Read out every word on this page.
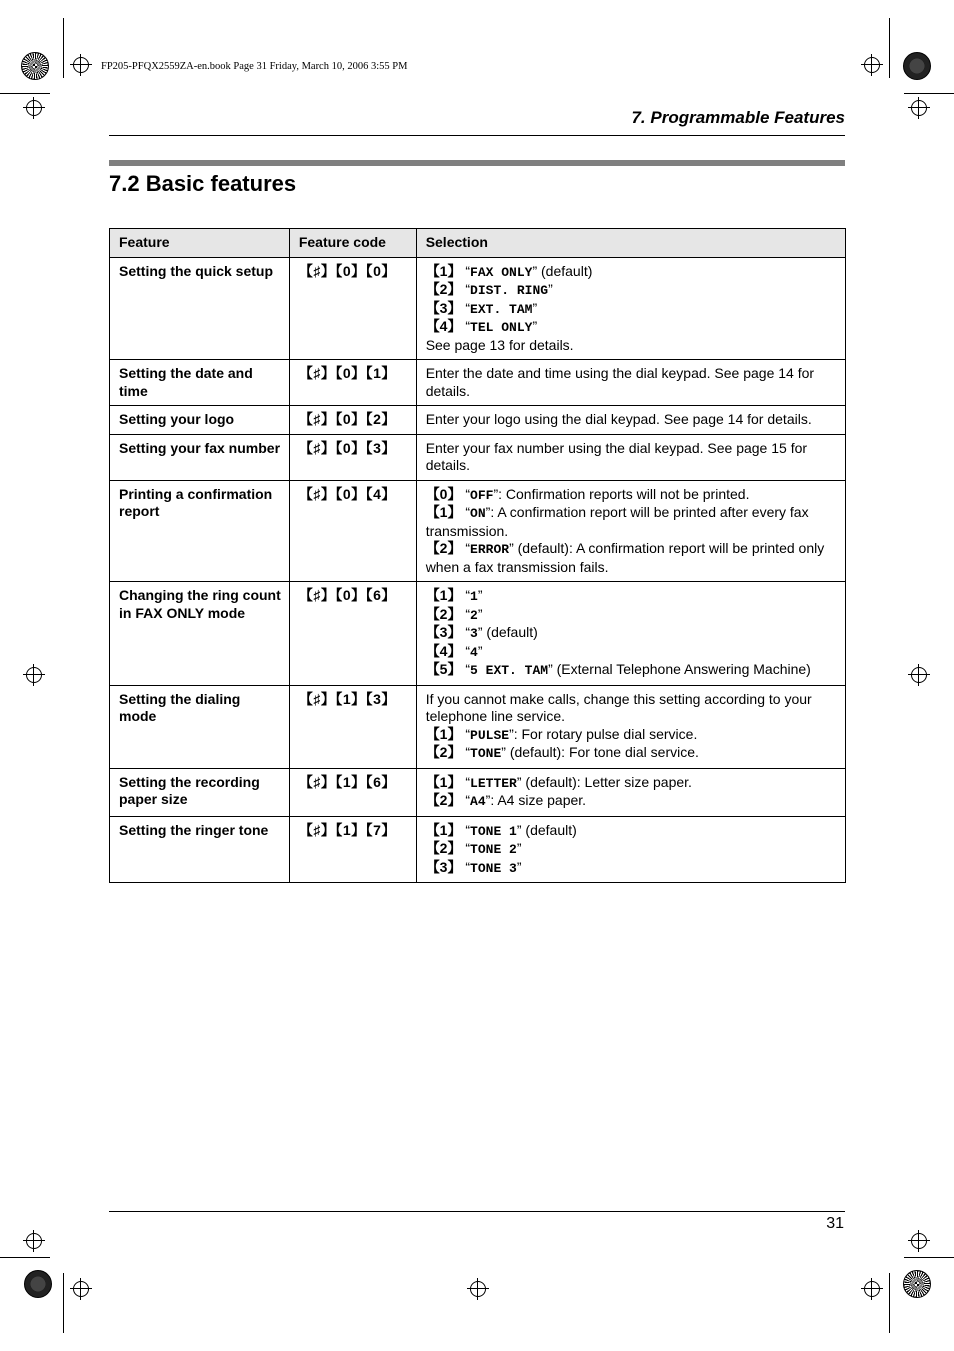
FP205-PFQX2559ZA-en.book Page 31 Friday, March 10, 2006 3:55 PM
7. Programmable Features
7.2 Basic features
Feature	Feature code	Selection
Setting the quick setup	【♯】【0】【0】	【1】 “FAX ONLY” (default)
【2】 “DIST. RING”
【3】 “EXT. TAM”
【4】 “TEL ONLY”
See page 13 for details.

Setting the date and time	【♯】【0】【1】	Enter the date and time using the dial keypad. See page 14 for details.

Setting your logo	【♯】【0】【2】	Enter your logo using the dial keypad. See page 14 for details.

Setting your fax number	【♯】【0】【3】	Enter your fax number using the dial keypad. See page 15 for details.

Printing a confirmation report	【♯】【0】【4】	【0】 “OFF”: Confirmation reports will not be printed.
【1】 “ON”: A confirmation report will be printed after every fax transmission.
【2】 “ERROR” (default): A confirmation report will be printed only when a fax transmission fails.

Changing the ring count in FAX ONLY mode	【♯】【0】【6】	【1】 “1”
【2】 “2”
【3】 “3” (default)
【4】 “4”
【5】 “5 EXT. TAM” (External Telephone Answering Machine)

Setting the dialing mode	【♯】【1】【3】	If you cannot make calls, change this setting according to your telephone line service.
【1】 “PULSE”: For rotary pulse dial service.
【2】 “TONE” (default): For tone dial service.

Setting the recording paper size	【♯】【1】【6】	【1】 “LETTER” (default): Letter size paper.
【2】 “A4”: A4 size paper.

Setting the ringer tone	【♯】【1】【7】	【1】 “TONE 1” (default)
【2】 “TONE 2”
【3】 “TONE 3”
31
